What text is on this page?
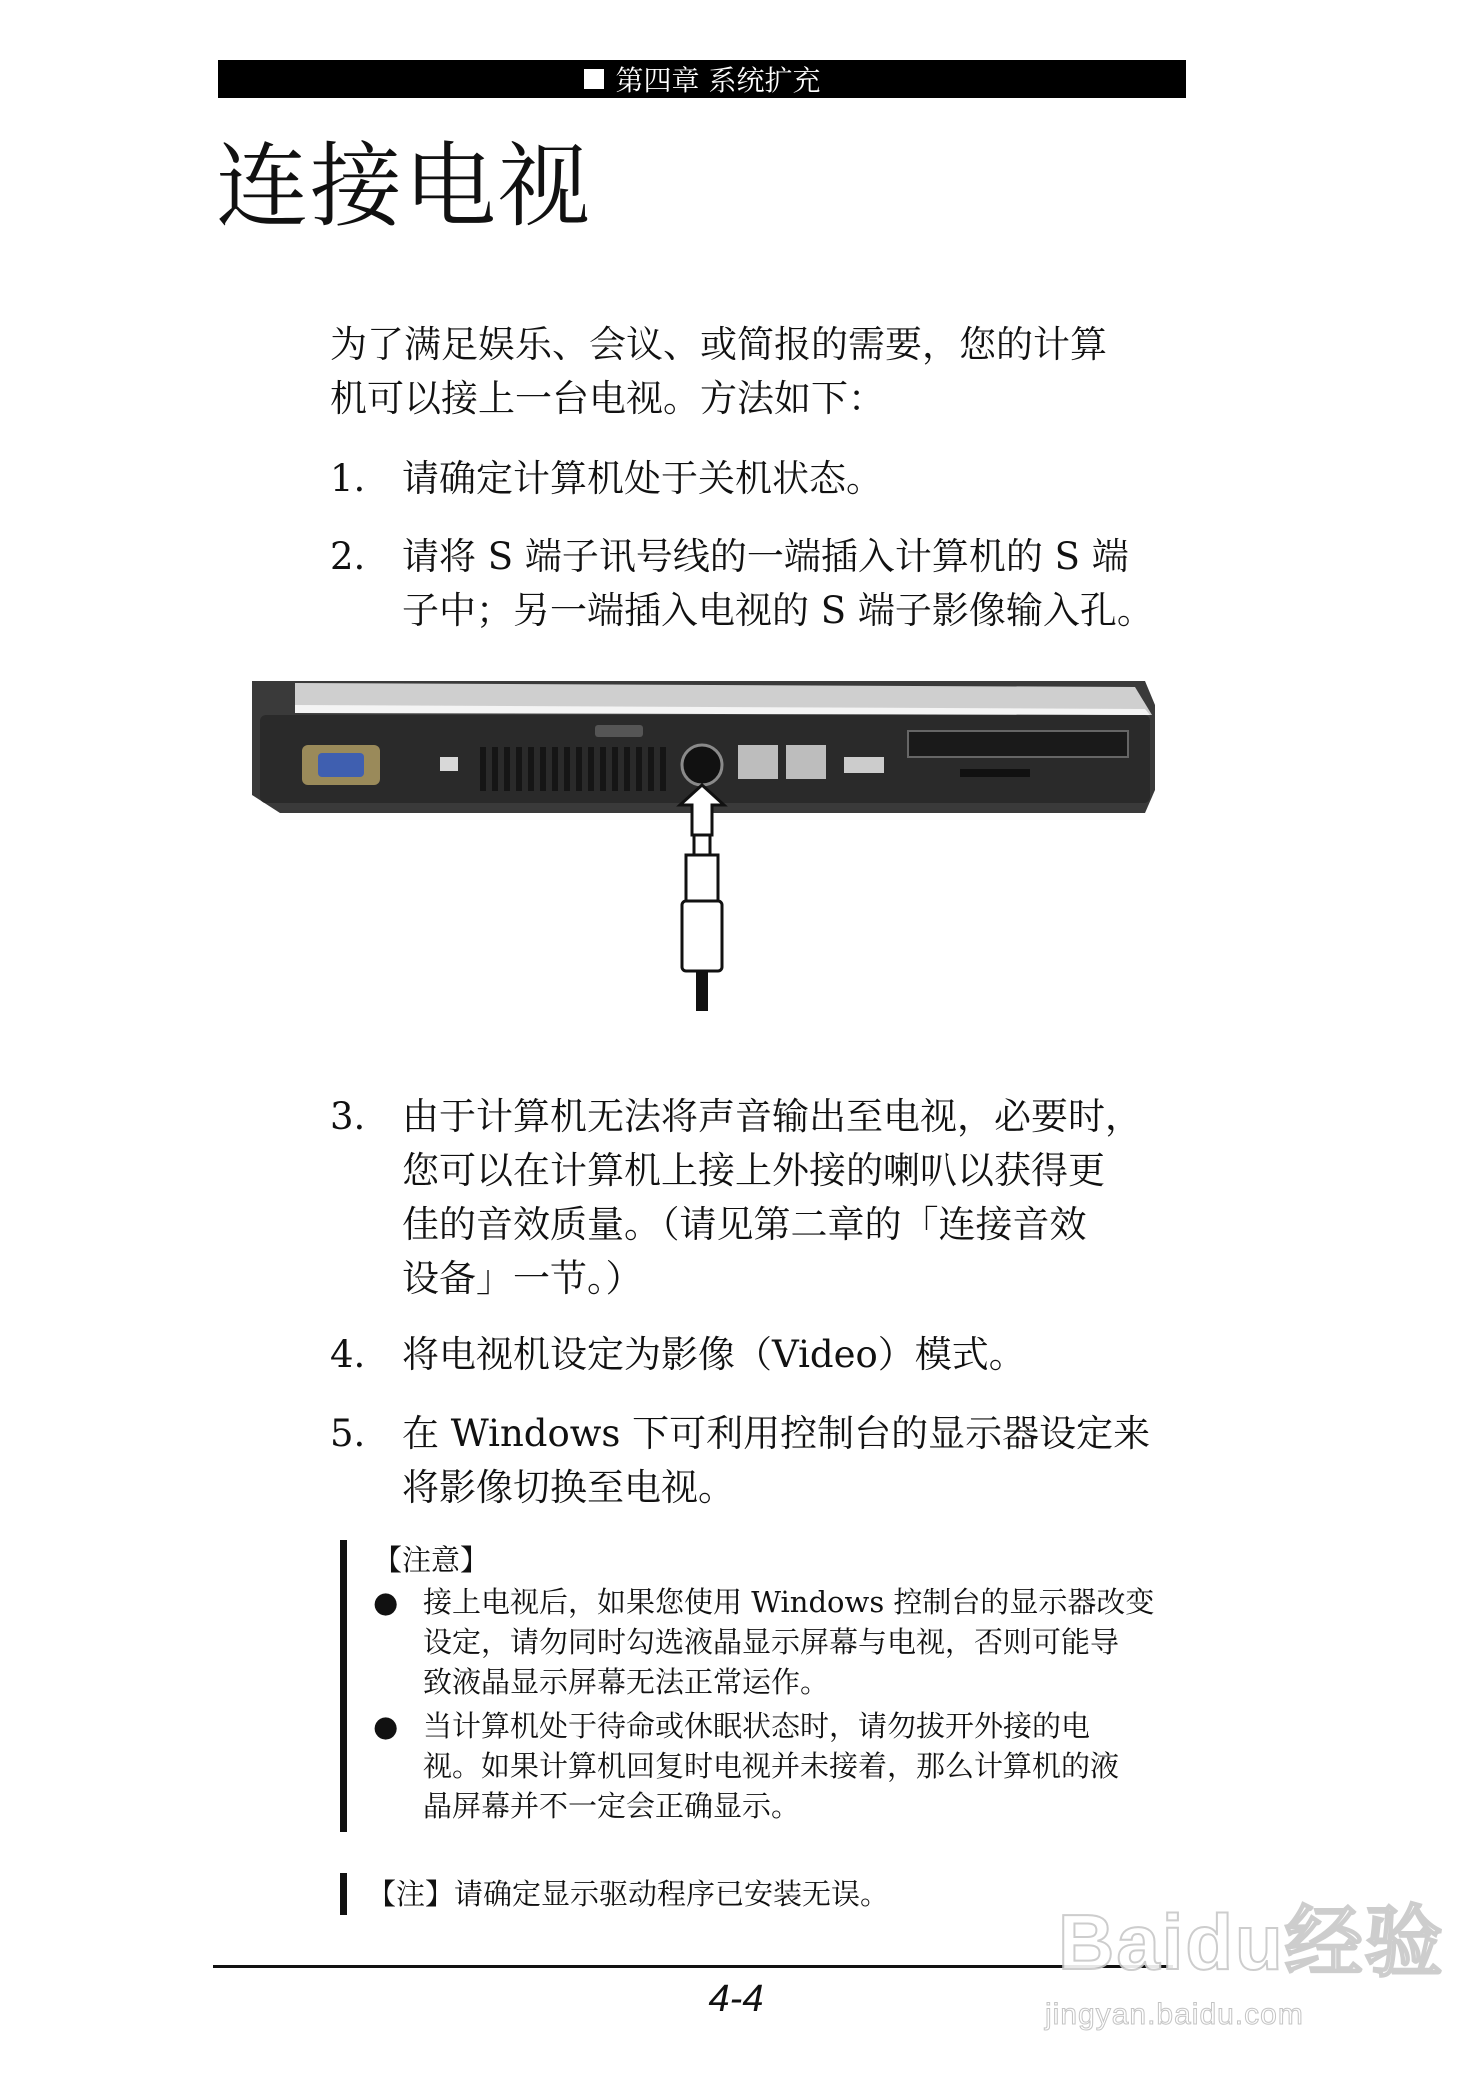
第四章 系统扩充
连接电视

为了满足娱乐、会议、或简报的需要，您的计算

机可以接上一台电视。方法如下：

1. 请确定计算机处于关机状态。
2. 请将 S 端子讯号线的一端插入计算机的 S 端
子中；另一端插入电视的 S 端子影像输入孔。
3. 由于计算机无法将声音输出至电视，必要时，
您可以在计算机上接上外接的喇叭以获得更
佳的音效质量。（请见第二章的「连接音效
设备」一节。）
4. 将电视机设定为影像（Video）模式。
5. 在 Windows 下可利用控制台的显示器设定来
将影像切换至电视。
【注意】
● 接上电视后，如果您使用 Windows 控制台的显示器改变
设定，请勿同时勾选液晶显示屏幕与电视，否则可能导
致液晶显示屏幕无法正常运作。
● 当计算机处于待命或休眠状态时，请勿拔开外接的电
视。如果计算机回复时电视并未接着，那么计算机的液
晶屏幕并不一定会正确显示。
【注】请确定显示驱动程序已安装无误。
4-4
Baidu经验
jingyan.baidu.com
